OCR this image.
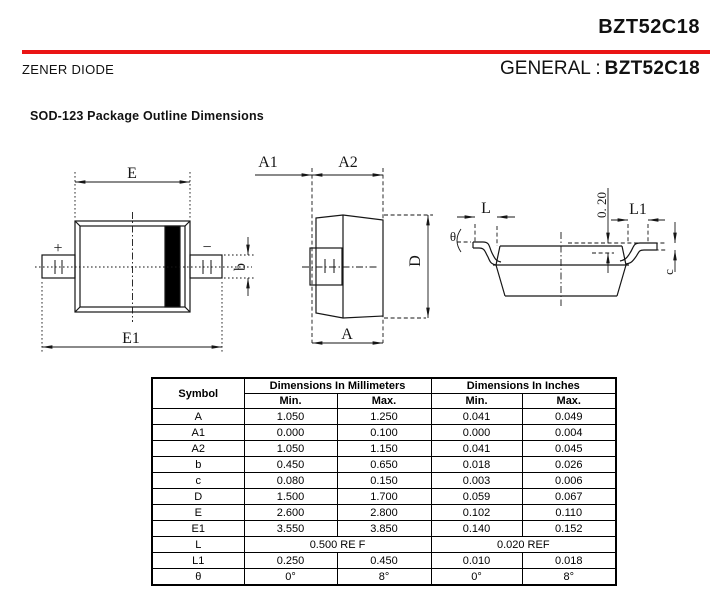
BZT52C18
ZENER DIODE	GENERAL : BZT52C18
SOD-123 Package Outline Dimensions
E
E1
+	−
b
A1	A2
A
D
L	L1
θ
0. 20
c
Symbol	Dimensions In Millimeters		Dimensions In Inches	
	Min.	Max.	Min.	Max.
A	1.050	1.250	0.041	0.049
A1	0.000	0.100	0.000	0.004
A2	1.050	1.150	0.041	0.045
b	0.450	0.650	0.018	0.026
c	0.080	0.150	0.003	0.006
D	1.500	1.700	0.059	0.067
E	2.600	2.800	0.102	0.110
E1	3.550	3.850	0.140	0.152
L	0.500 RE F		0.020 REF	
L1	0.250	0.450	0.010	0.018
θ	0°	8°	0°	8°
